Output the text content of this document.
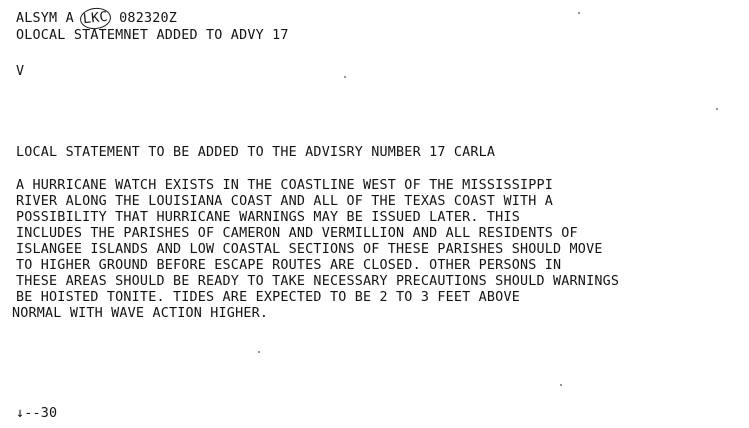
ALSYM A LKC 082320Z
OLOCAL STATEMNET ADDED TO ADVY 17
V
LOCAL STATEMENT TO BE ADDED TO THE ADVISRY NUMBER 17 CARLA
A HURRICANE WATCH EXISTS IN THE COASTLINE WEST OF THE MISSISSIPPI
RIVER ALONG THE LOUISIANA COAST AND ALL OF THE TEXAS COAST WITH A
POSSIBILITY THAT HURRICANE WARNINGS MAY BE ISSUED LATER. THIS
INCLUDES THE PARISHES OF CAMERON AND VERMILLION AND ALL RESIDENTS OF
ISLANGEE ISLANDS AND LOW COASTAL SECTIONS OF THESE PARISHES SHOULD MOVE
TO HIGHER GROUND BEFORE ESCAPE ROUTES ARE CLOSED. OTHER PERSONS IN
THESE AREAS SHOULD BE READY TO TAKE NECESSARY PRECAUTIONS SHOULD WARNINGS
BE HOISTED TONITE. TIDES ARE EXPECTED TO BE 2 TO 3 FEET ABOVE
NORMAL WITH WAVE ACTION HIGHER.
↓--30
